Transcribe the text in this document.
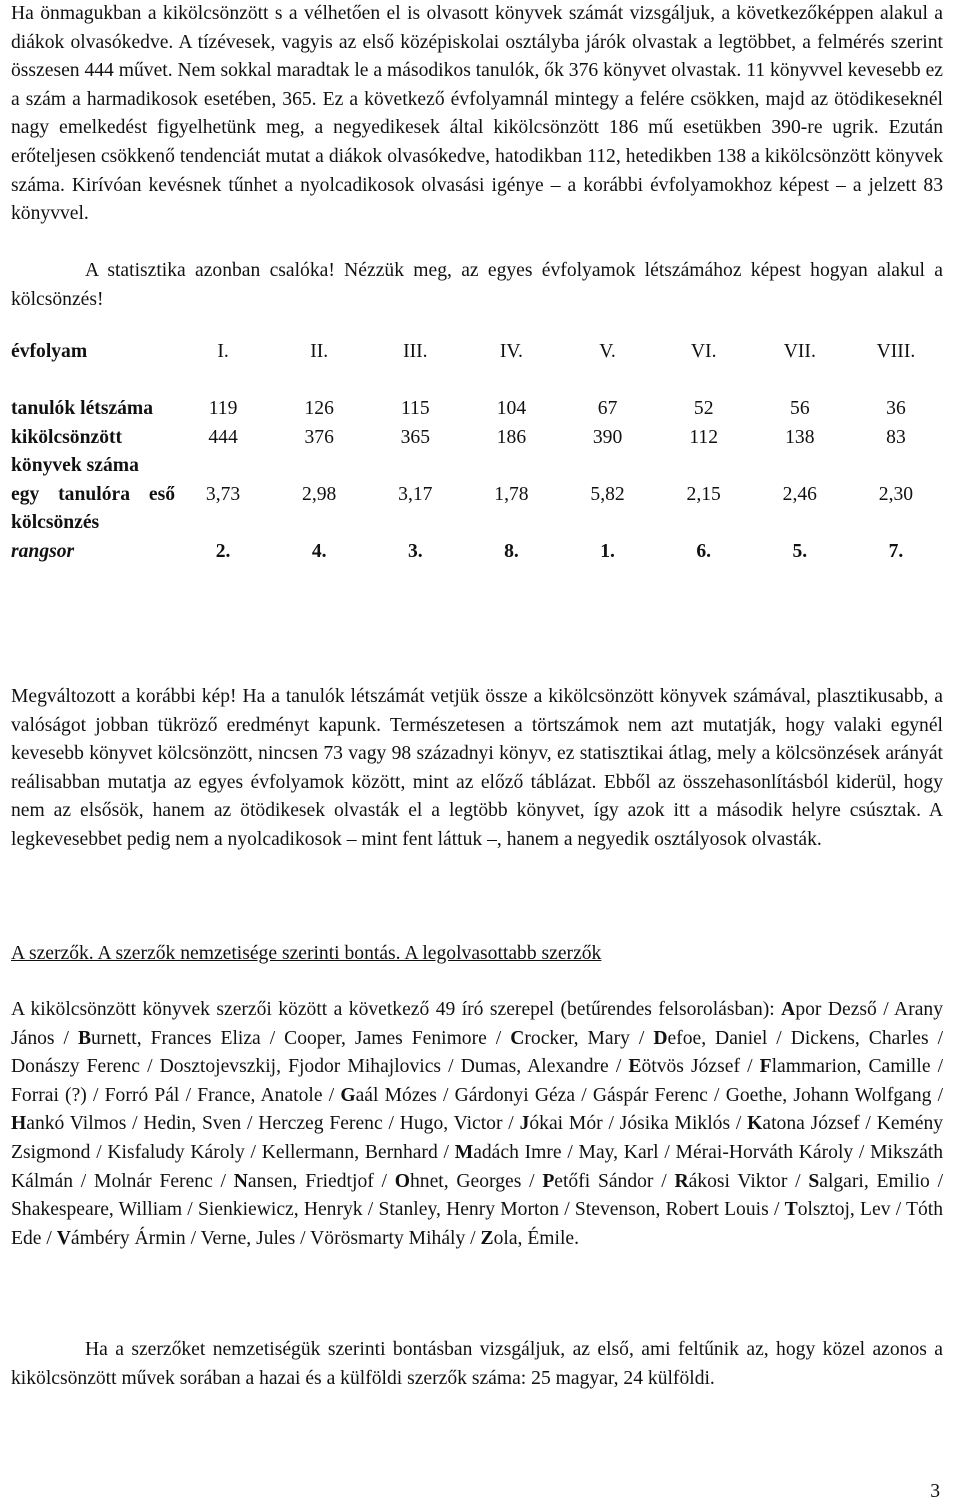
Ha önmagukban a kikölcsönzött s a vélhetően el is olvasott könyvek számát vizsgáljuk, a következőképpen alakul a diákok olvasókedve. A tízévesek, vagyis az első középiskolai osztályba járók olvastak a legtöbbet, a felmérés szerint összesen 444 művet. Nem sokkal maradtak le a másodikos tanulók, ők 376 könyvet olvastak. 11 könyvvel kevesebb ez a szám a harmadikosok esetében, 365. Ez a következő évfolyamnál mintegy a felére csökken, majd az ötödikeseknél nagy emelkedést figyelhetünk meg, a negyedikesek által kikölcsönzött 186 mű esetükben 390-re ugrik. Ezután erőteljesen csökkenő tendenciát mutat a diákok olvasókedve, hatodikban 112, hetedikben 138 a kikölcsönzött könyvek száma. Kirívóan kevésnek tűnhet a nyolcadikosok olvasási igénye – a korábbi évfolyamokhoz képest – a jelzett 83 könyvvel.

A statisztika azonban csalóka! Nézzük meg, az egyes évfolyamok létszámához képest hogyan alakul a kölcsönzés!

évfolyam	I.	II.	III.	IV.	V.	VI.	VII.	VIII.
tanulók létszáma	119	126	115	104	67	52	56	36
kikölcsönzött könyvek száma	444	376	365	186	390	112	138	83
egy tanulóra eső kölcsönzés	3,73	2,98	3,17	1,78	5,82	2,15	2,46	2,30
rangsor	2.	4.	3.	8.	1.	6.	5.	7.

Megváltozott a korábbi kép! Ha a tanulók létszámát vetjük össze a kikölcsönzött könyvek számával, plasztikusabb, a valóságot jobban tükröző eredményt kapunk. Természetesen a törtszámok nem azt mutatják, hogy valaki egynél kevesebb könyvet kölcsönzött, nincsen 73 vagy 98 századnyi könyv, ez statisztikai átlag, mely a kölcsönzések arányát reálisabban mutatja az egyes évfolyamok között, mint az előző táblázat. Ebből az összehasonlításból kiderül, hogy nem az elsősök, hanem az ötödikesek olvasták el a legtöbb könyvet, így azok itt a második helyre csúsztak. A legkevesebbet pedig nem a nyolcadikosok – mint fent láttuk –, hanem a negyedik osztályosok olvasták.

A szerzők. A szerzők nemzetisége szerinti bontás. A legolvasottabb szerzők

A kikölcsönzött könyvek szerzői között a következő 49 író szerepel (betűrendes felsorolásban): Apor Dezső / Arany János / Burnett, Frances Eliza / Cooper, James Fenimore / Crocker, Mary / Defoe, Daniel / Dickens, Charles / Donászy Ferenc / Dosztojevszkij, Fjodor Mihajlovics / Dumas, Alexandre / Eötvös József / Flammarion, Camille / Forrai (?) / Forró Pál / France, Anatole / Gaál Mózes / Gárdonyi Géza / Gáspár Ferenc / Goethe, Johann Wolfgang / Hankó Vilmos / Hedin, Sven / Herczeg Ferenc / Hugo, Victor / Jókai Mór / Jósika Miklós / Katona József / Kemény Zsigmond / Kisfaludy Károly / Kellermann, Bernhard / Madách Imre / May, Karl / Mérai-Horváth Károly / Mikszáth Kálmán / Molnár Ferenc / Nansen, Friedtjof / Ohnet, Georges / Petőfi Sándor / Rákosi Viktor / Salgari, Emilio / Shakespeare, William / Sienkiewicz, Henryk / Stanley, Henry Morton / Stevenson, Robert Louis / Tolsztoj, Lev / Tóth Ede / Vámbéry Ármin / Verne, Jules / Vörösmarty Mihály / Zola, Émile.

Ha a szerzőket nemzetiségük szerinti bontásban vizsgáljuk, az első, ami feltűnik az, hogy közel azonos a kikölcsönzött művek sorában a hazai és a külföldi szerzők száma: 25 magyar, 24 külföldi.

3
